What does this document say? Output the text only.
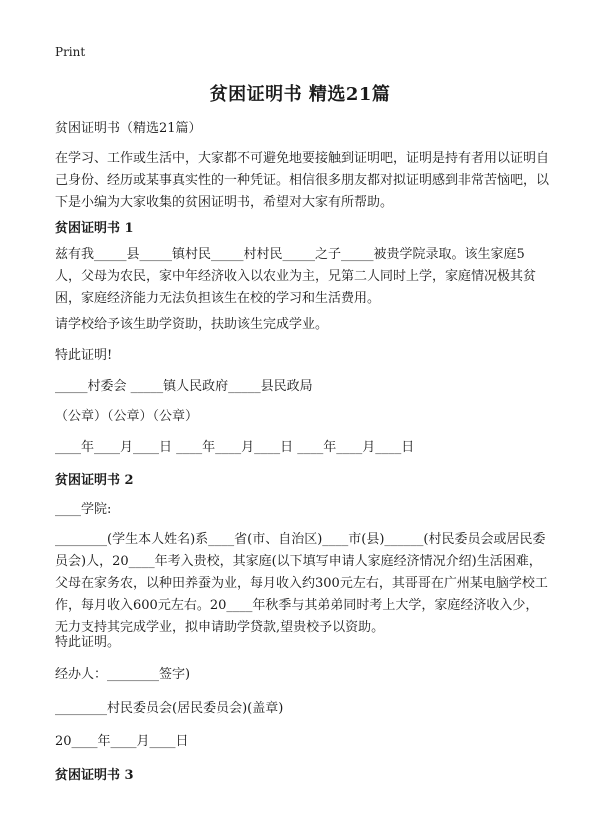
Print
贫困证明书 精选21篇

贫困证明书（精选21篇）

在学习、工作或生活中，大家都不可避免地要接触到证明吧，证明是持有者用以证明自己身份、经历或某事真实性的一种凭证。相信很多朋友都对拟证明感到非常苦恼吧，以下是小编为大家收集的贫困证明书，希望对大家有所帮助。

贫困证明书 1

兹有我_____县_____镇村民_____村村民_____之子_____被贵学院录取。该生家庭5人，父母为农民，家中年经济收入以农业为主，兄第二人同时上学，家庭情况极其贫困，家庭经济能力无法负担该生在校的学习和生活费用。

请学校给予该生助学资助，扶助该生完成学业。

特此证明!

_____村委会 _____镇人民政府_____县民政局

（公章）（公章）（公章）

____年____月____日 ____年____月____日 ____年____月____日

贫困证明书 2

____学院:

________(学生本人姓名)系____省(市、自治区)____市(县)______(村民委员会或居民委员会)人，20____年考入贵校，其家庭(以下填写申请人家庭经济情况介绍)生活困难，父母在家务农，以种田养蚕为业，每月收入约300元左右，其哥哥在广州某电脑学校工作，每月收入600元左右。20____年秋季与其弟弟同时考上大学，家庭经济收入少，无力支持其完成学业，拟申请助学贷款,望贵校予以资助。

特此证明。

经办人：________签字)

________村民委员会(居民委员会)(盖章)

20____年____月____日

贫困证明书 3
